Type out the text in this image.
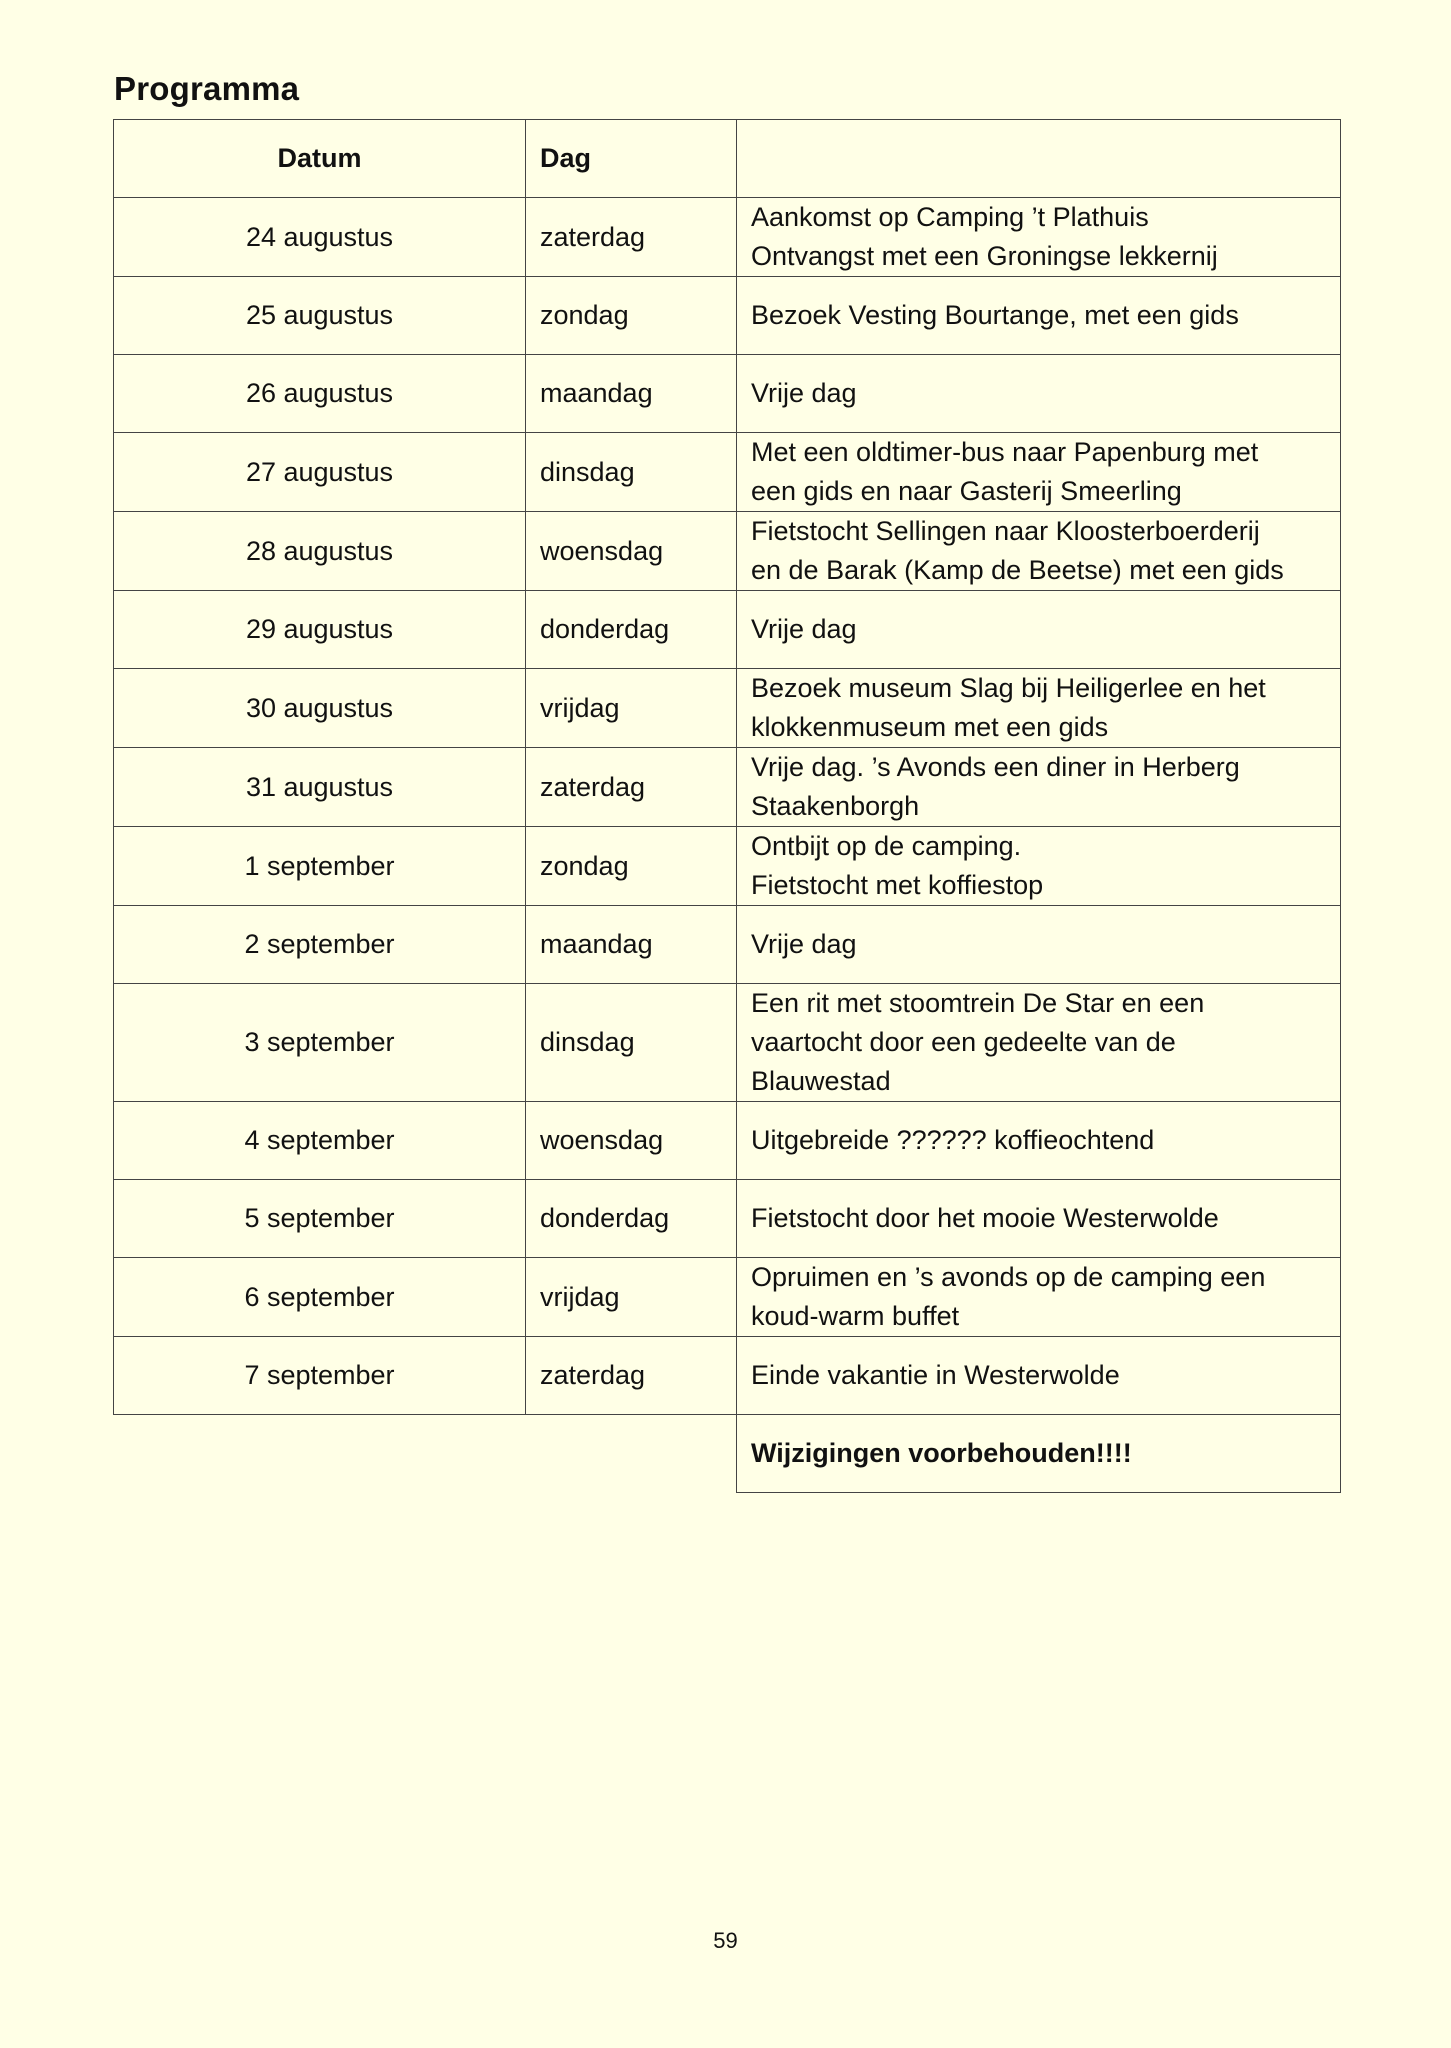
Programma
Datum	Dag	
24 augustus	zaterdag	Aankomst op Camping ’t Plathuis
Ontvangst met een Groningse lekkernij

25 augustus	zondag	Bezoek Vesting Bourtange, met een gids

26 augustus	maandag	Vrije dag

27 augustus	dinsdag	Met een oldtimer-bus naar Papenburg met
een gids en naar Gasterij Smeerling

28 augustus	woensdag	Fietstocht Sellingen naar Kloosterboerderij
en de Barak (Kamp de Beetse) met een gids

29 augustus	donderdag	Vrije dag

30 augustus	vrijdag	Bezoek museum Slag bij Heiligerlee en het
klokkenmuseum met een gids

31 augustus	zaterdag	Vrije dag. ’s Avonds een diner in Herberg
Staakenborgh

1 september	zondag	Ontbijt op de camping.
Fietstocht met koffiestop

2 september	maandag	Vrije dag

3 september	dinsdag	Een rit met stoomtrein De Star en een
vaartocht door een gedeelte van de
Blauwestad

4 september	woensdag	Uitgebreide ?????? koffieochtend

5 september	donderdag	Fietstocht door het mooie Westerwolde

6 september	vrijdag	Opruimen en ’s avonds op de camping een
koud-warm buffet

7 september	zaterdag	Einde vakantie in Westerwolde

		Wijzigingen voorbehouden!!!!
59
